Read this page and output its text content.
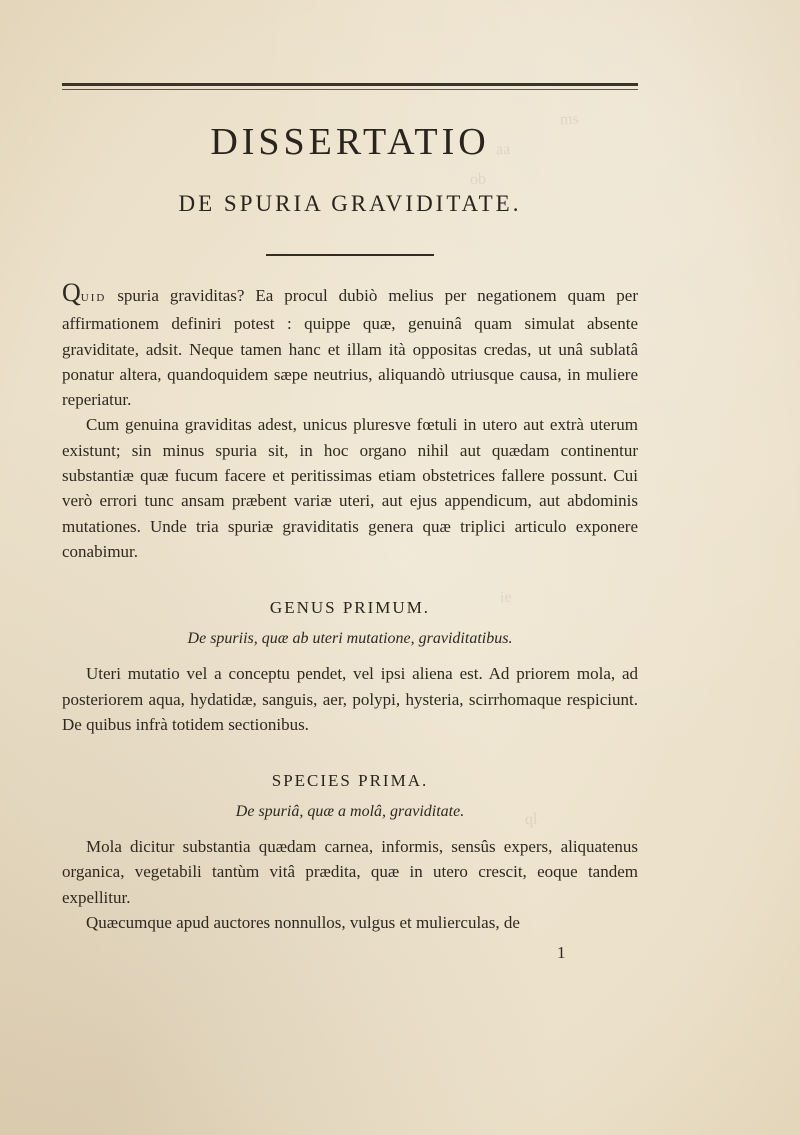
ms
aa
ob
ie
ql
DISSERTATIO
DE SPURIA GRAVIDITATE.

QUID spuria graviditas? Ea procul dubiò melius per negationem quam per affirmationem definiri potest : quippe quæ, genuinâ quam simulat absente graviditate, adsit. Neque tamen hanc et illam ità oppositas credas, ut unâ sublatâ ponatur altera, quandoquidem sæpe neutrius, aliquandò utriusque causa, in muliere reperiatur.

Cum genuina graviditas adest, unicus pluresve fœtuli in utero aut extrà uterum existunt; sin minus spuria sit, in hoc organo nihil aut quædam continentur substantiæ quæ fucum facere et peritissimas etiam obstetrices fallere possunt. Cui verò errori tunc ansam præbent variæ uteri, aut ejus appendicum, aut abdominis mutationes. Unde tria spuriæ graviditatis genera quæ triplici articulo exponere conabimur.

GENUS PRIMUM.
De spuriis, quæ ab uteri mutatione, graviditatibus.

Uteri mutatio vel a conceptu pendet, vel ipsi aliena est. Ad priorem mola, ad posteriorem aqua, hydatidæ, sanguis, aer, polypi, hysteria, scirrhomaque respiciunt. De quibus infrà totidem sectionibus.

SPECIES PRIMA.
De spuriâ, quæ a molâ, graviditate.

Mola dicitur substantia quædam carnea, informis, sensûs expers, aliquatenus organica, vegetabili tantùm vitâ prædita, quæ in utero crescit, eoque tandem expellitur.

Quæcumque apud auctores nonnullos, vulgus et mulierculas, de

1
